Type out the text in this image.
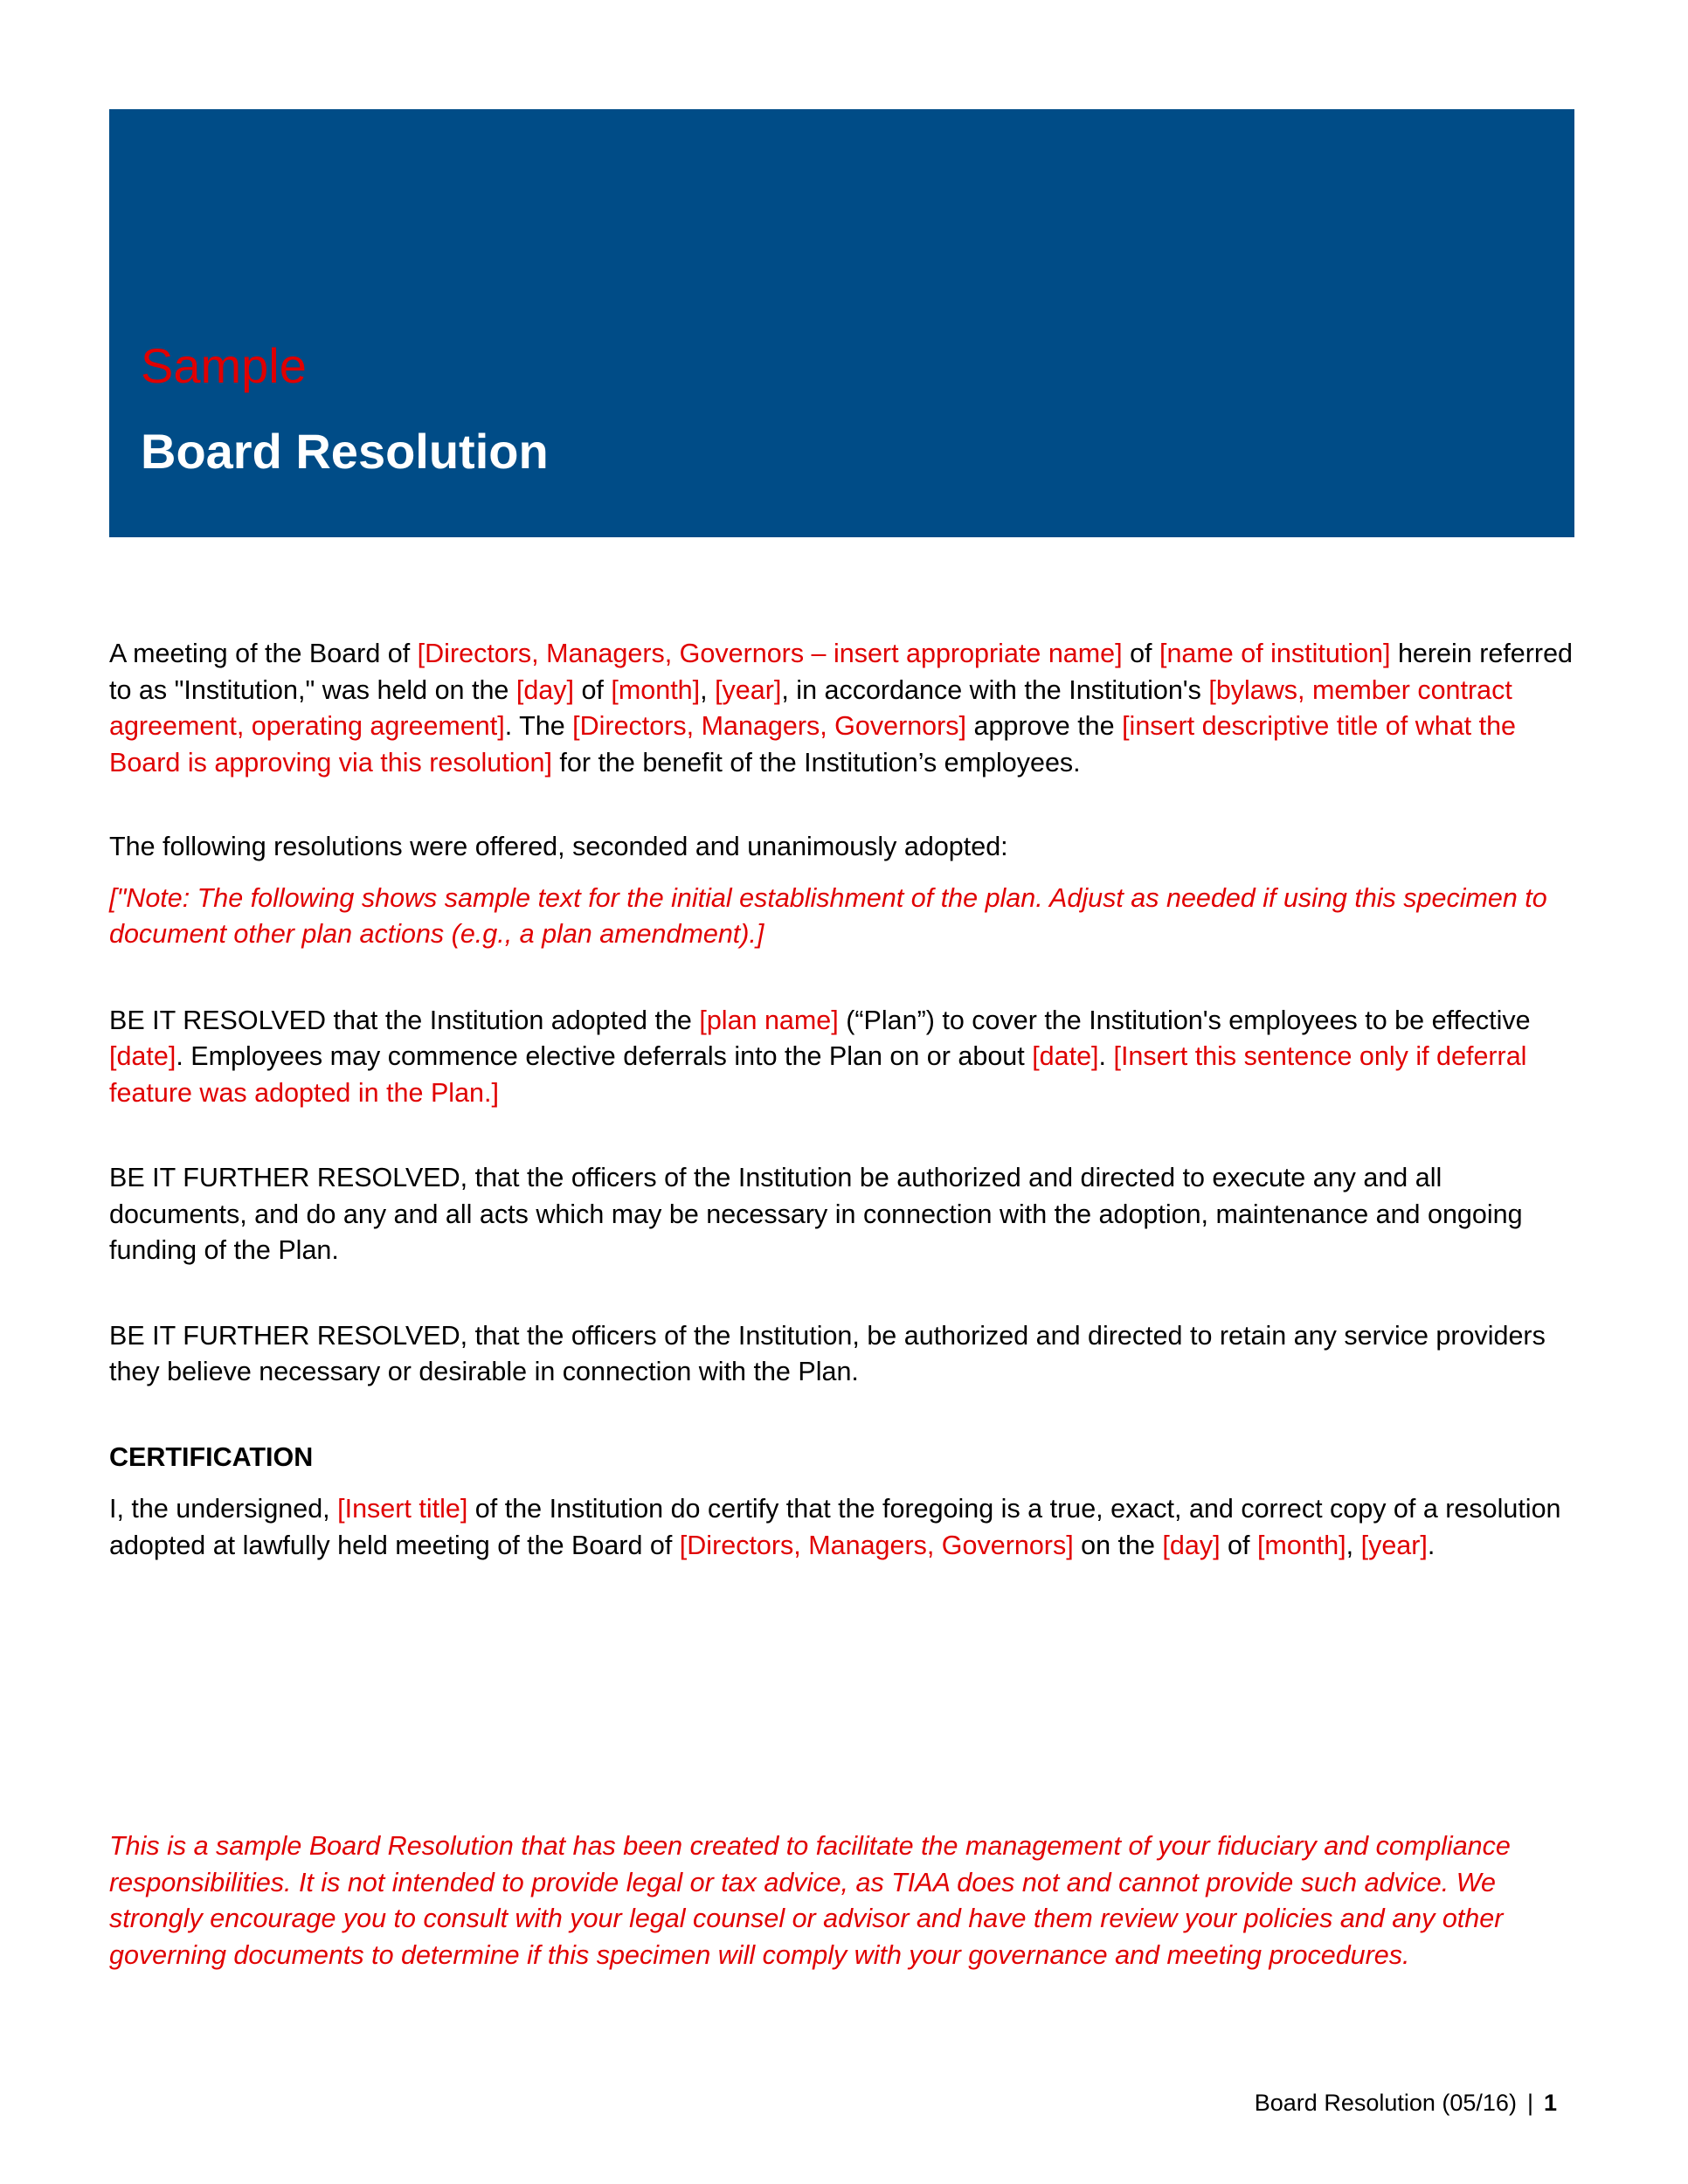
Sample
Board Resolution

A meeting of the Board of [Directors, Managers, Governors – insert appropriate name] of [name of institution] herein referred to as "Institution," was held on the [day] of [month], [year], in accordance with the Institution's [bylaws, member contract agreement, operating agreement]. The [Directors, Managers, Governors] approve the [insert descriptive title of what the Board is approving via this resolution] for the benefit of the Institution’s employees.

The following resolutions were offered, seconded and unanimously adopted:

["Note: The following shows sample text for the initial establishment of the plan. Adjust as needed if using this specimen to document other plan actions (e.g., a plan amendment).]

BE IT RESOLVED that the Institution adopted the [plan name] (“Plan”) to cover the Institution's employees to be effective [date]. Employees may commence elective deferrals into the Plan on or about [date]. [Insert this sentence only if deferral feature was adopted in the Plan.]

BE IT FURTHER RESOLVED, that the officers of the Institution be authorized and directed to execute any and all documents, and do any and all acts which may be necessary in connection with the adoption, maintenance and ongoing funding of the Plan.

BE IT FURTHER RESOLVED, that the officers of the Institution, be authorized and directed to retain any service providers they believe necessary or desirable in connection with the Plan.

CERTIFICATION

I, the undersigned, [Insert title] of the Institution do certify that the foregoing is a true, exact, and correct copy of a resolution adopted at lawfully held meeting of the Board of [Directors, Managers, Governors] on the [day] of [month], [year].

This is a sample Board Resolution that has been created to facilitate the management of your fiduciary and compliance responsibilities. It is not intended to provide legal or tax advice, as TIAA does not and cannot provide such advice. We strongly encourage you to consult with your legal counsel or advisor and have them review your policies and any other governing documents to determine if this specimen will comply with your governance and meeting procedures.

Board Resolution (05/16) | 1
